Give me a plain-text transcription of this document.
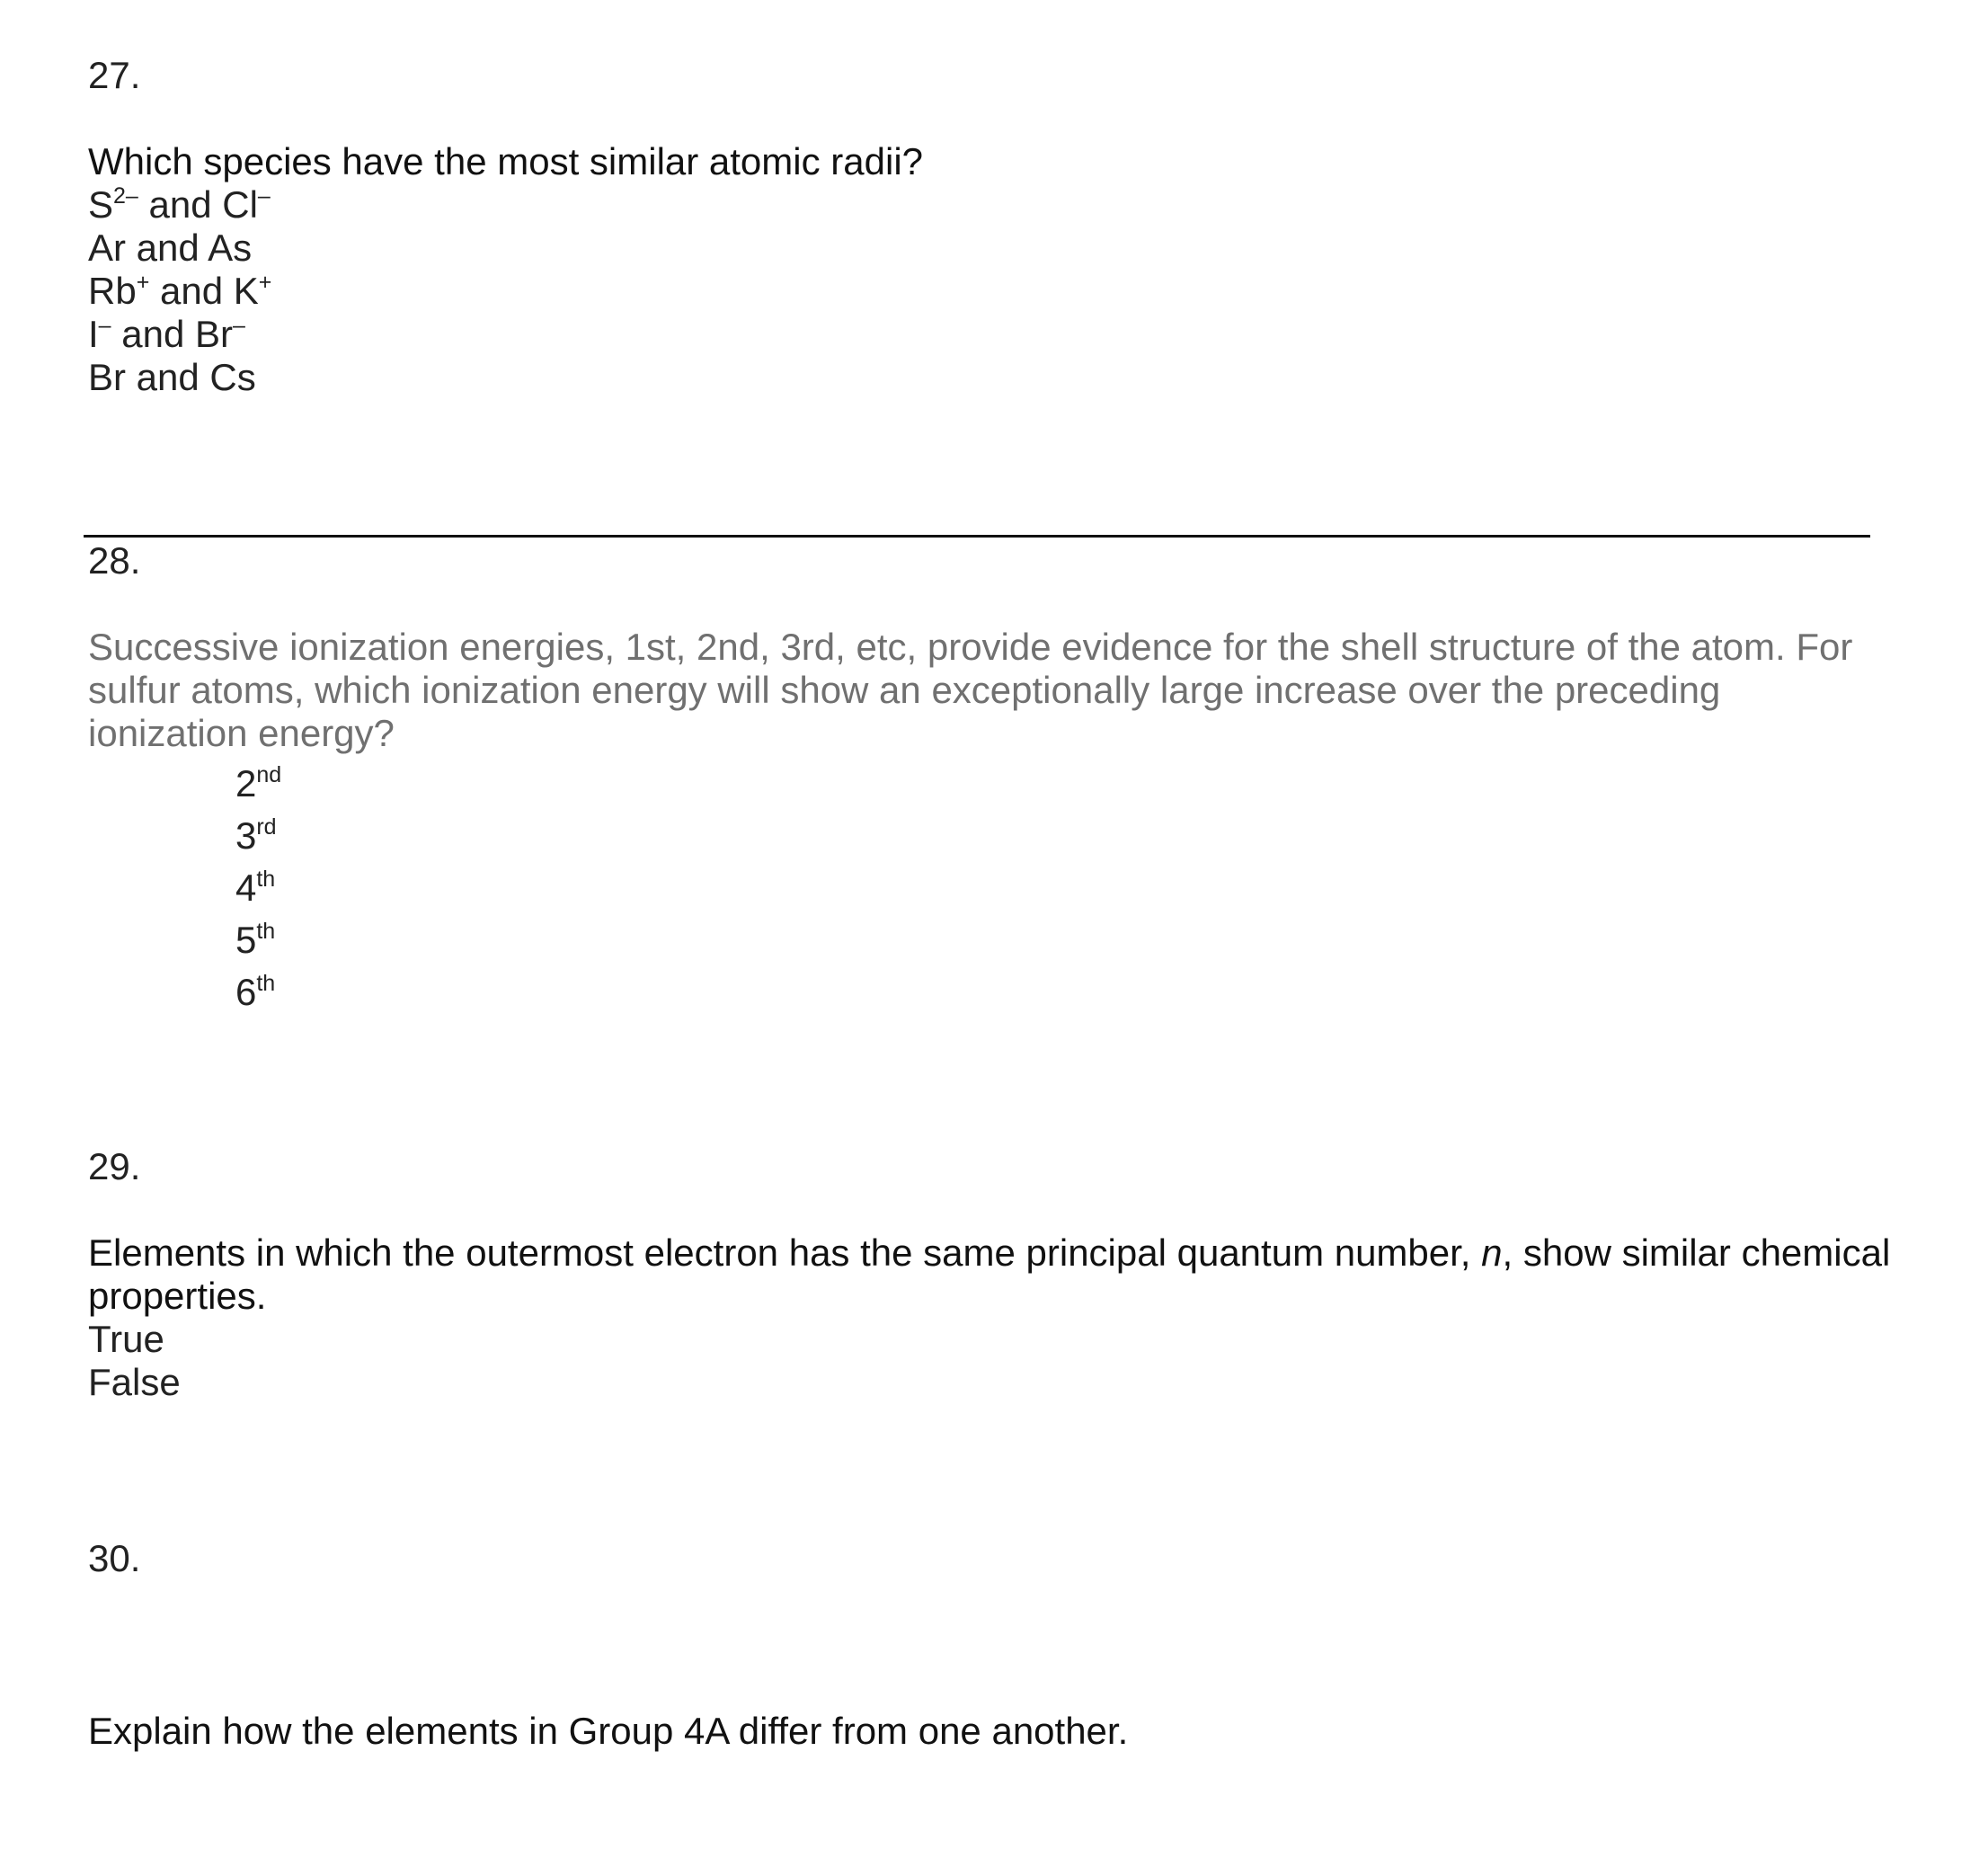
27.

Which species have the most similar atomic radii?

$S^{2-}$ and Cl–

Ar and As

Rb+ and K+

I– and Br–

Br and Cs

28.

Successive ionization energies, 1st, 2nd, 3rd, etc, provide evidence for the shell structure of the atom. For

sulfur atoms, which ionization energy will show an exceptionally large increase over the preceding

ionization energy?

2nd

3rd

4th

5th

6th

29.

Elements in which the outermost electron has the same principal quantum number, n, show similar chemical

properties.

True

False

30.

Explain how the elements in Group 4A differ from one another.
